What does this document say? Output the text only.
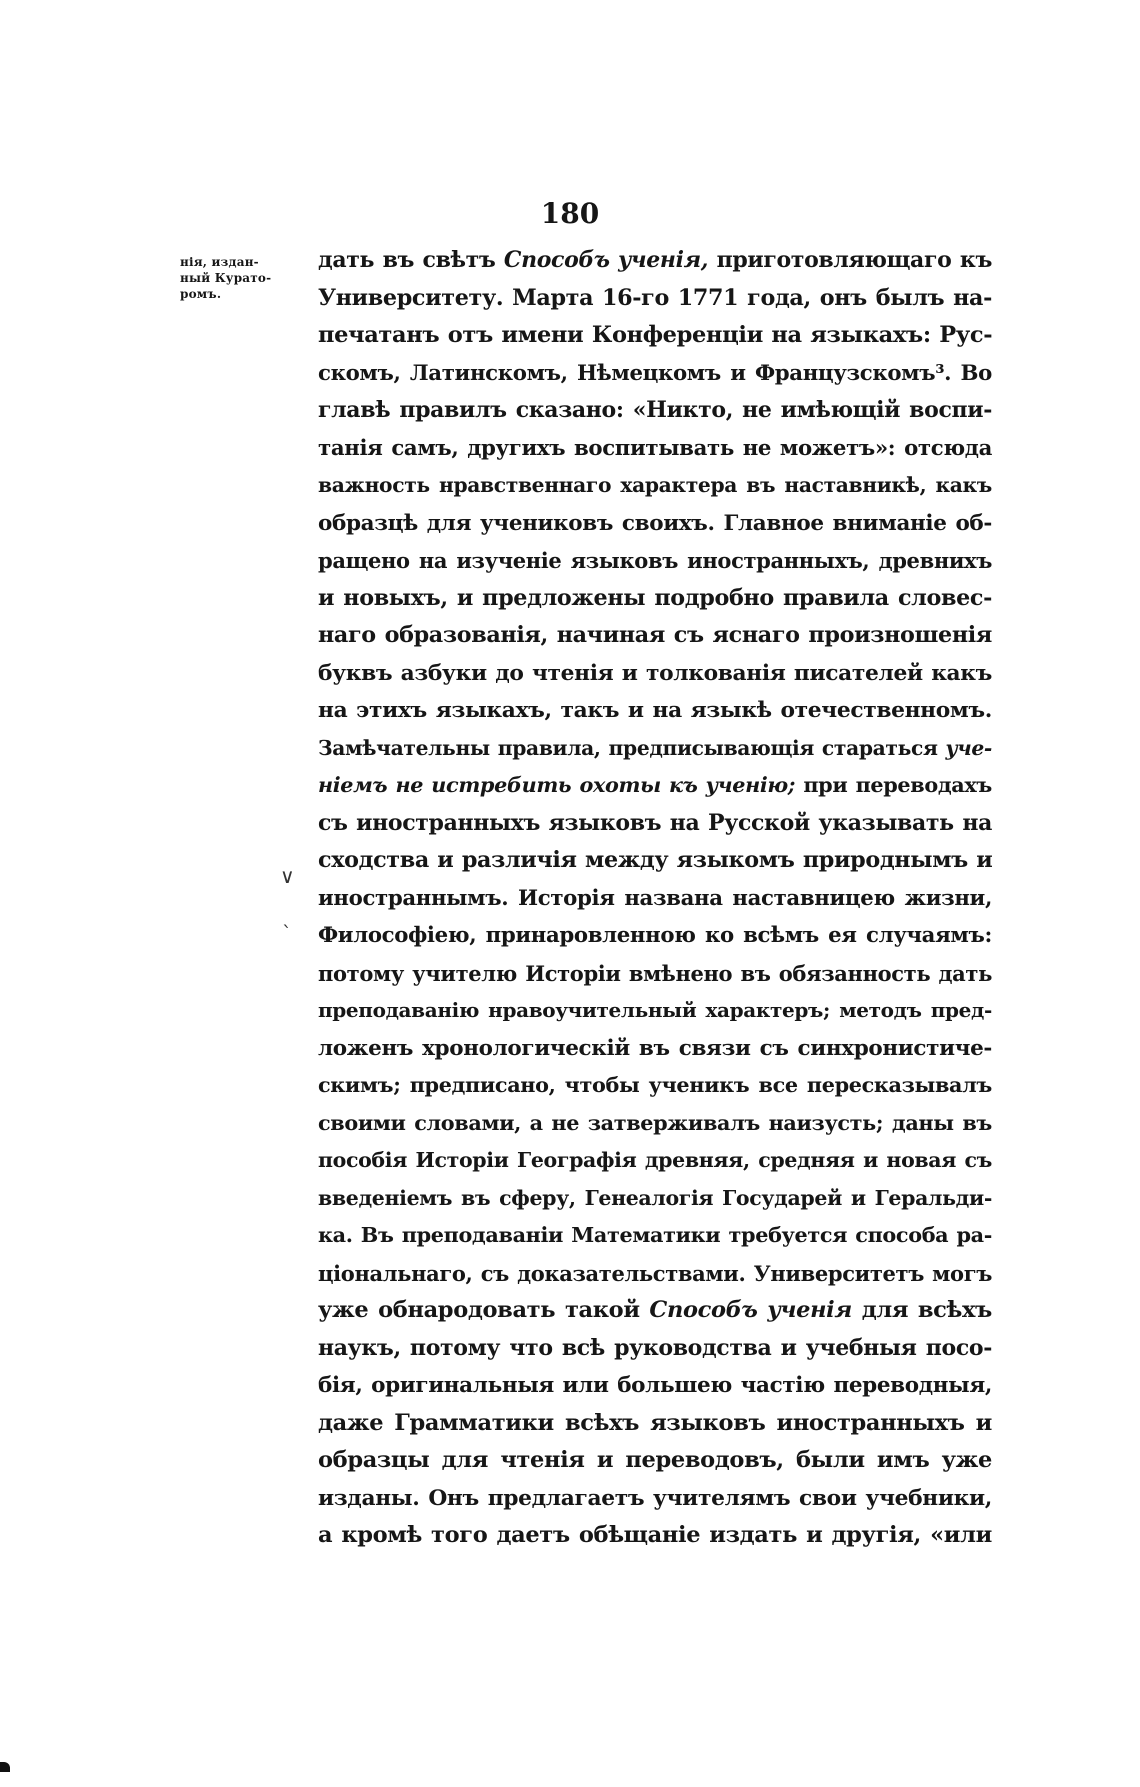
180
нія, издан-
ный Курато-
ромъ.
дать въ свѣтъ Способъ ученія, приготовляющаго къ
Университету. Марта 16-го 1771 года, онъ былъ на-
печатанъ отъ имени Конференціи на языкахъ: Рус-
скомъ, Латинскомъ, Нѣмецкомъ и Французскомъ³. Во
главѣ правилъ сказано: «Никто, не имѣющій воспи-
танія самъ, другихъ воспитывать не можетъ»: отсюда
важность нравственнаго характера въ наставникѣ, какъ
образцѣ для учениковъ своихъ. Главное вниманіе об-
ращено на изученіе языковъ иностранныхъ, древнихъ
и новыхъ, и предложены подробно правила словес-
наго образованія, начиная съ яснаго произношенія
буквъ азбуки до чтенія и толкованія писателей какъ
на этихъ языкахъ, такъ и на языкѣ отечественномъ.
Замѣчательны правила, предписывающія стараться уче-
ніемъ не истребить охоты къ ученію; при переводахъ
съ иностранныхъ языковъ на Русской указывать на
сходства и различія между языкомъ природнымъ и
иностраннымъ. Исторія названа наставницею жизни,
Философіею, принаровленною ко всѣмъ ея случаямъ:
потому учителю Исторіи вмѣнено въ обязанность дать
преподаванію нравоучительный характеръ; методъ пред-
ложенъ хронологическій въ связи съ синхронистиче-
скимъ; предписано, чтобы ученикъ все пересказывалъ
своими словами, а не затверживалъ наизусть; даны въ
пособія Исторіи Географія древняя, средняя и новая съ
введеніемъ въ сферу, Генеалогія Государей и Геральди-
ка. Въ преподаваніи Математики требуется способа ра-
ціональнаго, съ доказательствами. Университетъ могъ
уже обнародовать такой Способъ ученія для всѣхъ
наукъ, потому что всѣ руководства и учебныя посо-
бія, оригинальныя или большею частію переводныя,
даже Грамматики всѣхъ языковъ иностранныхъ и
образцы для чтенія и переводовъ, были имъ уже
изданы. Онъ предлагаетъ учителямъ свои учебники,
а кромѣ того даетъ обѣщаніе издать и другія, «или
∨
ˋ
